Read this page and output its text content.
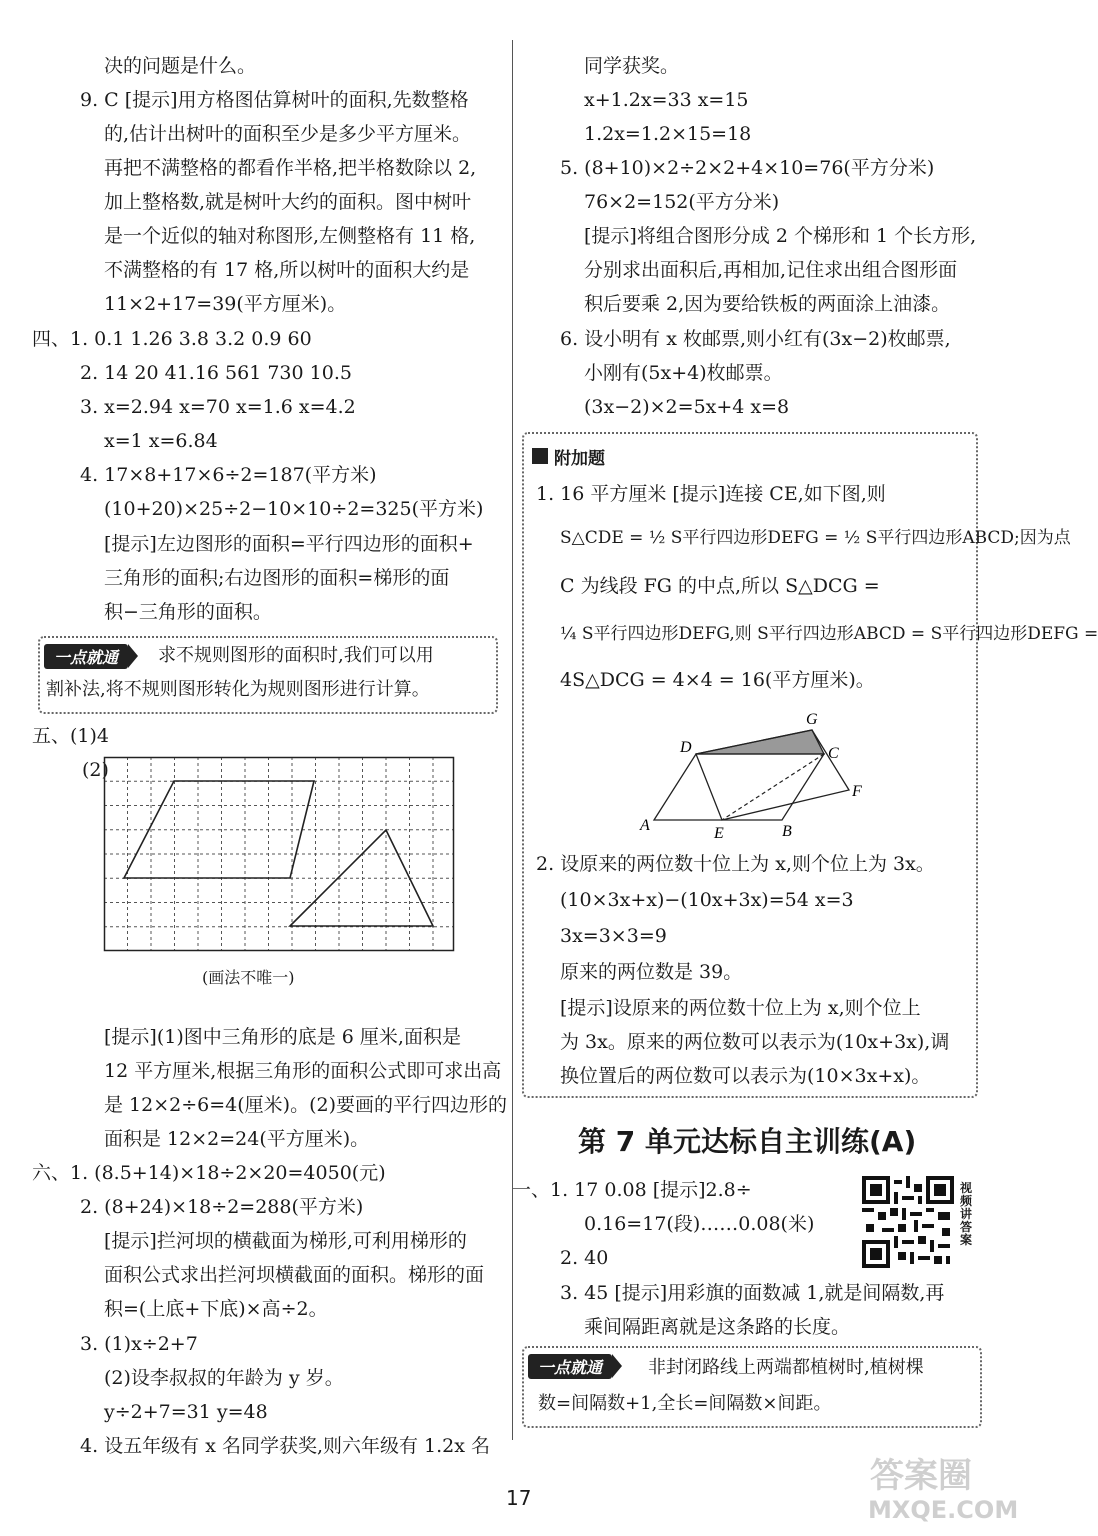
决的问题是什么。
9. C [提示]用方格图估算树叶的面积,先数整格
的,估计出树叶的面积至少是多少平方厘米。
再把不满整格的都看作半格,把半格数除以 2,
加上整格数,就是树叶大约的面积。图中树叶
是一个近似的轴对称图形,左侧整格有 11 格,
不满整格的有 17 格,所以树叶的面积大约是
11×2+17=39(平方厘米)。
四、1. 0.1 1.26 3.8 3.2 0.9 60
2. 14 20 41.16 561 730 10.5
3. x=2.94 x=70 x=1.6 x=4.2
x=1 x=6.84
4. 17×8+17×6÷2=187(平方米)
(10+20)×25÷2−10×10÷2=325(平方米)
[提示]左边图形的面积=平行四边形的面积+
三角形的面积;右边图形的面积=梯形的面
积−三角形的面积。
一点就通	求不规则图形的面积时,我们可以用
割补法,将不规则图形转化为规则图形进行计算。
五、(1)4
(2)
(画法不唯一)
[提示](1)图中三角形的底是 6 厘米,面积是
12 平方厘米,根据三角形的面积公式即可求出高
是 12×2÷6=4(厘米)。(2)要画的平行四边形的
面积是 12×2=24(平方厘米)。
六、1. (8.5+14)×18÷2×20=4050(元)
2. (8+24)×18÷2=288(平方米)
[提示]拦河坝的横截面为梯形,可利用梯形的
面积公式求出拦河坝横截面的面积。梯形的面
积=(上底+下底)×高÷2。
3. (1)x÷2+7
(2)设李叔叔的年龄为 y 岁。
y÷2+7=31 y=48
4. 设五年级有 x 名同学获奖,则六年级有 1.2x 名
同学获奖。
x+1.2x=33 x=15
1.2x=1.2×15=18
5. (8+10)×2÷2×2+4×10=76(平方分米)
76×2=152(平方分米)
[提示]将组合图形分成 2 个梯形和 1 个长方形,
分别求出面积后,再相加,记住求出组合图形面
积后要乘 2,因为要给铁板的两面涂上油漆。
6. 设小明有 x 枚邮票,则小红有(3x−2)枚邮票,
小刚有(5x+4)枚邮票。
(3x−2)×2=5x+4 x=8
附加题
1. 16 平方厘米 [提示]连接 CE,如下图,则
S△CDE = ½ S平行四边形DEFG = ½ S平行四边形ABCD;因为点
C 为线段 FG 的中点,所以 S△DCG =
¼ S平行四边形DEFG,则 S平行四边形ABCD = S平行四边形DEFG =
4S△DCG = 4×4 = 16(平方厘米)。
G
D	C
F
A	E	B
2. 设原来的两位数十位上为 x,则个位上为 3x。
(10×3x+x)−(10x+3x)=54 x=3
3x=3×3=9
原来的两位数是 39。
[提示]设原来的两位数十位上为 x,则个位上
为 3x。原来的两位数可以表示为(10x+3x),调
换位置后的两位数可以表示为(10×3x+x)。
第 7 单元达标自主训练(A)
一、1. 17 0.08 [提示]2.8÷
0.16=17(段)……0.08(米)
2. 40
3. 45 [提示]用彩旗的面数减 1,就是间隔数,再
乘间隔距离就是这条路的长度。
视频讲答案
一点就通	非封闭路线上两端都植树时,植树棵
数=间隔数+1,全长=间隔数×间距。
17
答案圈
MXQE.COM
